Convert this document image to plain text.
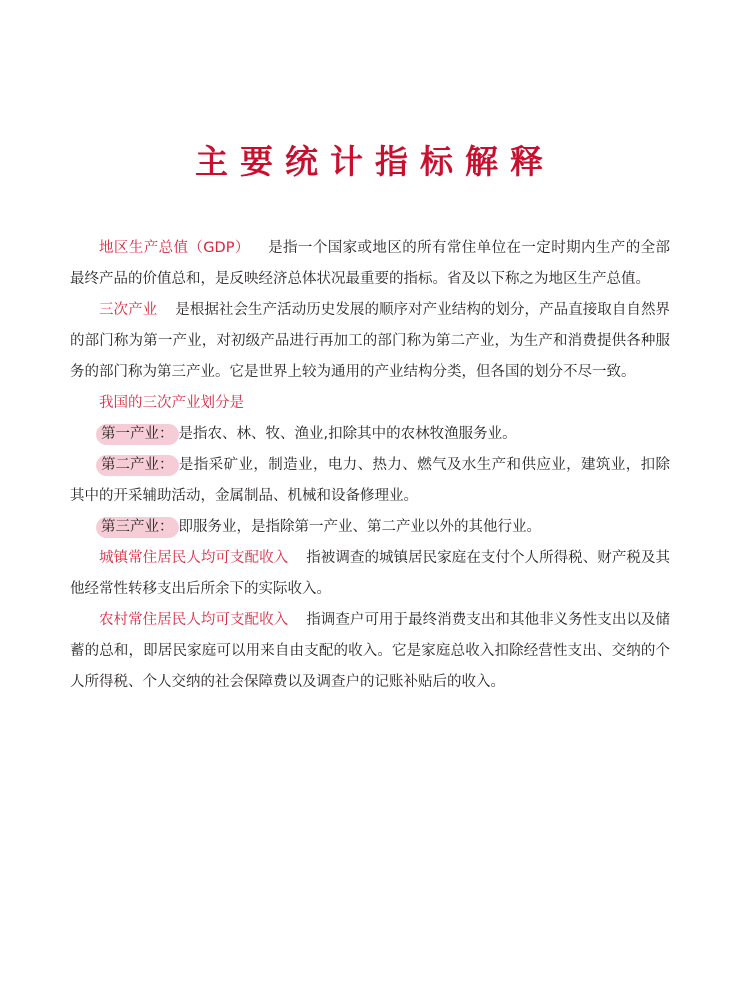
主要统计指标解释

地区生产总值（GDP） 是指一个国家或地区的所有常住单位在一定时期内生产的全部最终产品的价值总和，是反映经济总体状况最重要的指标。省及以下称之为地区生产总值。

三次产业 是根据社会生产活动历史发展的顺序对产业结构的划分，产品直接取自自然界的部门称为第一产业，对初级产品进行再加工的部门称为第二产业，为生产和消费提供各种服务的部门称为第三产业。它是世界上较为通用的产业结构分类，但各国的划分不尽一致。

我国的三次产业划分是

第一产业： 是指农、林、牧、渔业,扣除其中的农林牧渔服务业。

第二产业： 是指采矿业，制造业，电力、热力、燃气及水生产和供应业，建筑业，扣除其中的开采辅助活动，金属制品、机械和设备修理业。

第三产业： 即服务业，是指除第一产业、第二产业以外的其他行业。

城镇常住居民人均可支配收入 指被调查的城镇居民家庭在支付个人所得税、财产税及其他经常性转移支出后所余下的实际收入。

农村常住居民人均可支配收入 指调查户可用于最终消费支出和其他非义务性支出以及储蓄的总和，即居民家庭可以用来自由支配的收入。它是家庭总收入扣除经营性支出、交纳的个人所得税、个人交纳的社会保障费以及调查户的记账补贴后的收入。
